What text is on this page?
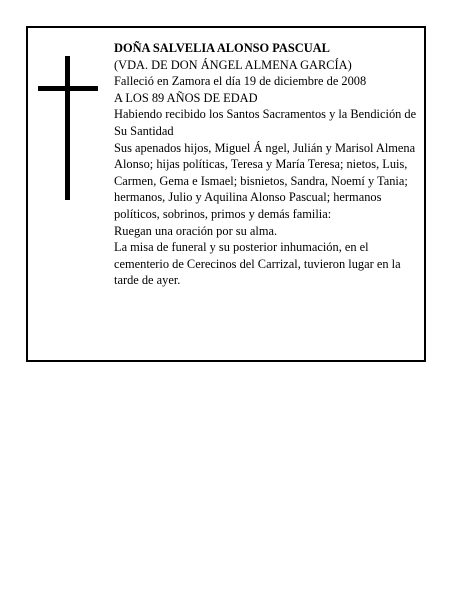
DOÑA SALVELIA ALONSO PASCUAL

(VDA. DE DON ÁNGEL ALMENA GARCÍA)

Falleció en Zamora el día 19 de diciembre de 2008

A LOS 89 AÑOS DE EDAD

Habiendo recibido los Santos Sacramentos y la Bendición de Su Santidad

Sus apenados hijos, Miguel Á ngel, Julián y Marisol Almena Alonso; hijas políticas, Teresa y María Teresa; nietos, Luis, Carmen, Gema e Ismael; bisnietos, Sandra, Noemí y Tania; hermanos, Julio y Aquilina Alonso Pascual; hermanos políticos, sobrinos, primos y demás familia:

Ruegan una oración por su alma.

La misa de funeral y su posterior inhumación, en el cementerio de Cerecinos del Carrizal, tuvieron lugar en la tarde de ayer.
